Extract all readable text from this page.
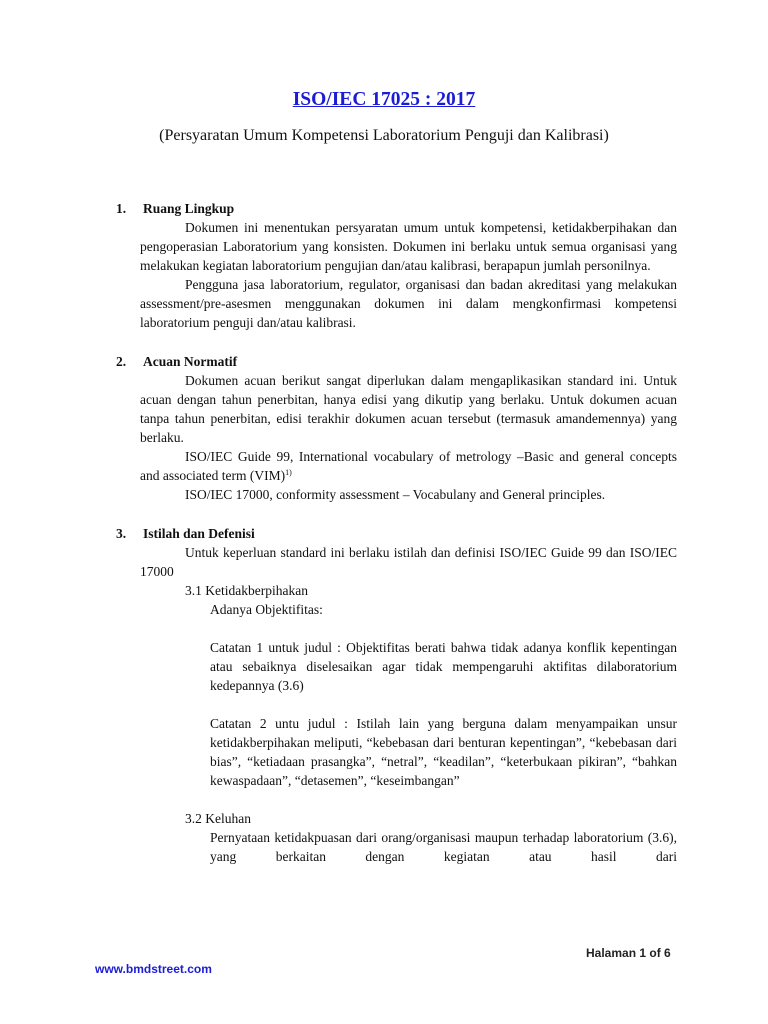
ISO/IEC 17025 : 2017

(Persyaratan Umum Kompetensi Laboratorium Penguji dan Kalibrasi)

1. Ruang Lingkup

Dokumen ini menentukan persyaratan umum untuk kompetensi, ketidakberpihakan dan pengoperasian Laboratorium yang konsisten. Dokumen ini berlaku untuk semua organisasi yang melakukan kegiatan laboratorium pengujian dan/atau kalibrasi, berapapun jumlah personilnya.

Pengguna jasa laboratorium, regulator, organisasi dan badan akreditasi yang melakukan assessment/pre-asesmen menggunakan dokumen ini dalam mengkonfirmasi kompetensi laboratorium penguji dan/atau kalibrasi.

2. Acuan Normatif

Dokumen acuan berikut sangat diperlukan dalam mengaplikasikan standard ini. Untuk acuan dengan tahun penerbitan, hanya edisi yang dikutip yang berlaku. Untuk dokumen acuan tanpa tahun penerbitan, edisi terakhir dokumen acuan tersebut (termasuk amandemennya) yang berlaku.

ISO/IEC Guide 99, International vocabulary of metrology –Basic and general concepts and associated term (VIM)$^{1)}$

ISO/IEC 17000, conformity assessment – Vocabulany and General principles.

3. Istilah dan Defenisi

Untuk keperluan standard ini berlaku istilah dan definisi ISO/IEC Guide 99 dan ISO/IEC 17000

3.1 Ketidakberpihakan
Adanya Objektifitas:

Catatan 1 untuk judul : Objektifitas berati bahwa tidak adanya konflik kepentingan atau sebaiknya diselesaikan agar tidak mempengaruhi aktifitas dilaboratorium kedepannya (3.6)

Catatan 2 untu judul : Istilah lain yang berguna dalam menyampaikan unsur ketidakberpihakan meliputi, “kebebasan dari benturan kepentingan”, “kebebasan dari bias”, “ketiadaan prasangka”, “netral”, “keadilan”, “keterbukaan pikiran”, “bahkan kewaspadaan”, “detasemen”, “keseimbangan”

3.2 Keluhan

Pernyataan ketidakpuasan dari orang/organisasi maupun terhadap laboratorium (3.6), yang berkaitan dengan kegiatan atau hasil dari

Halaman 1 of 6
www.bmdstreet.com
